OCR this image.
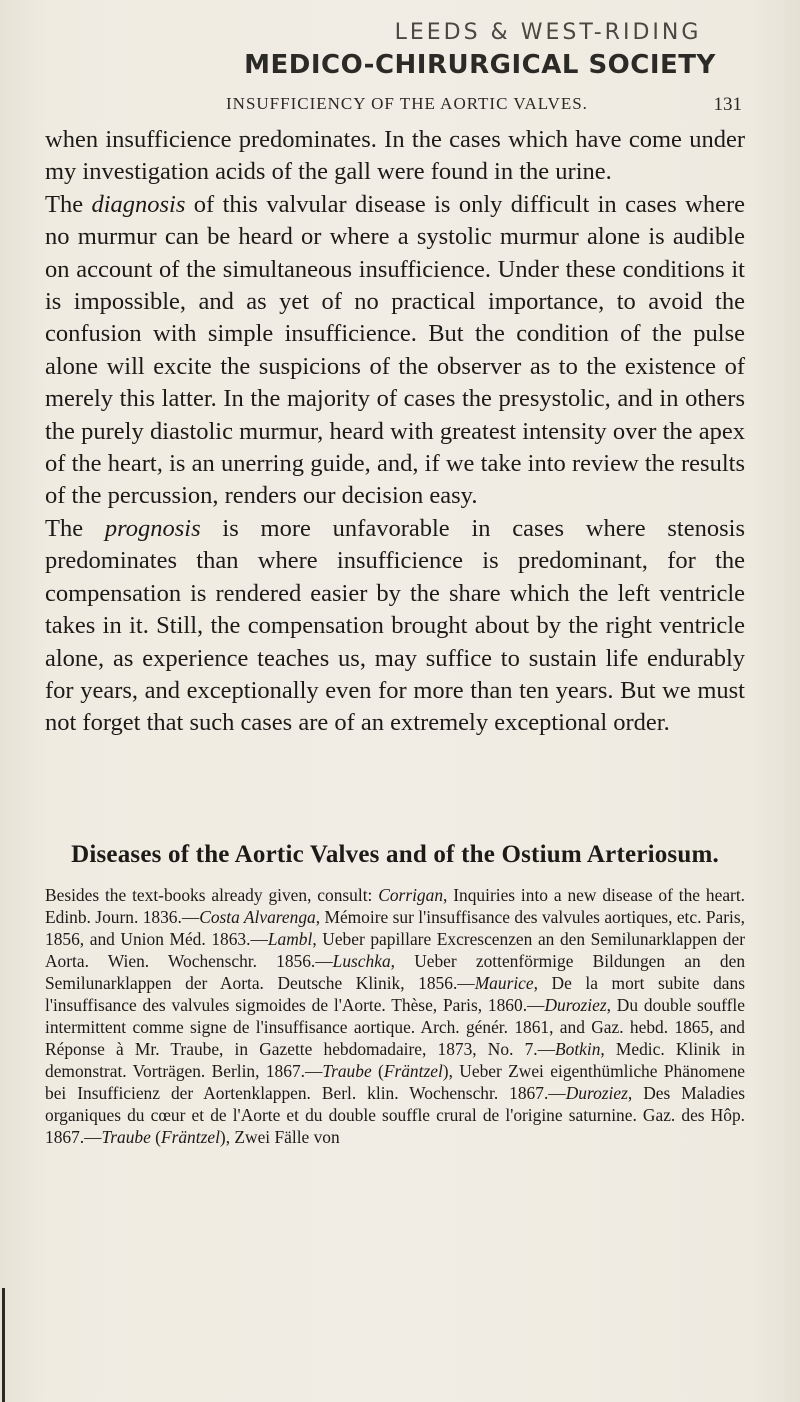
LEEDS & WEST-RIDING
MEDICO-CHIRURGICAL SOCIETY
INSUFFICIENCY OF THE AORTIC VALVES.	131

when insufficience predominates. In the cases which have come under my investigation acids of the gall were found in the urine.

The diagnosis of this valvular disease is only difficult in cases where no murmur can be heard or where a systolic murmur alone is audible on account of the simultaneous insufficience. Under these conditions it is impossible, and as yet of no practical importance, to avoid the confusion with simple insufficience. But the condition of the pulse alone will excite the suspicions of the observer as to the existence of merely this latter. In the majority of cases the presystolic, and in others the purely diastolic murmur, heard with greatest intensity over the apex of the heart, is an unerring guide, and, if we take into review the results of the percussion, renders our decision easy.

The prognosis is more unfavorable in cases where stenosis predominates than where insufficience is predominant, for the compensation is rendered easier by the share which the left ventricle takes in it. Still, the compensation brought about by the right ventricle alone, as experience teaches us, may suffice to sustain life endurably for years, and exceptionally even for more than ten years. But we must not forget that such cases are of an extremely exceptional order.

Diseases of the Aortic Valves and of the Ostium Arteriosum.

Besides the text-books already given, consult: Corrigan, Inquiries into a new disease of the heart. Edinb. Journ. 1836.—Costa Alvarenga, Mémoire sur l'insuffisance des valvules aortiques, etc. Paris, 1856, and Union Méd. 1863.—Lambl, Ueber papillare Excrescenzen an den Semilunarklappen der Aorta. Wien. Wochenschr. 1856.—Luschka, Ueber zottenförmige Bildungen an den Semilunarklappen der Aorta. Deutsche Klinik, 1856.—Maurice, De la mort subite dans l'insuffisance des valvules sigmoides de l'Aorte. Thèse, Paris, 1860.—Duroziez, Du double souffle intermittent comme signe de l'insuffisance aortique. Arch. génér. 1861, and Gaz. hebd. 1865, and Réponse à Mr. Traube, in Gazette hebdomadaire, 1873, No. 7.—Botkin, Medic. Klinik in demonstrat. Vorträgen. Berlin, 1867.—Traube (Fräntzel), Ueber Zwei eigenthümliche Phänomene bei Insufficienz der Aortenklappen. Berl. klin. Wochenschr. 1867.—Duroziez, Des Maladies organiques du cœur et de l'Aorte et du double souffle crural de l'origine saturnine. Gaz. des Hôp. 1867.—Traube (Fräntzel), Zwei Fälle von
